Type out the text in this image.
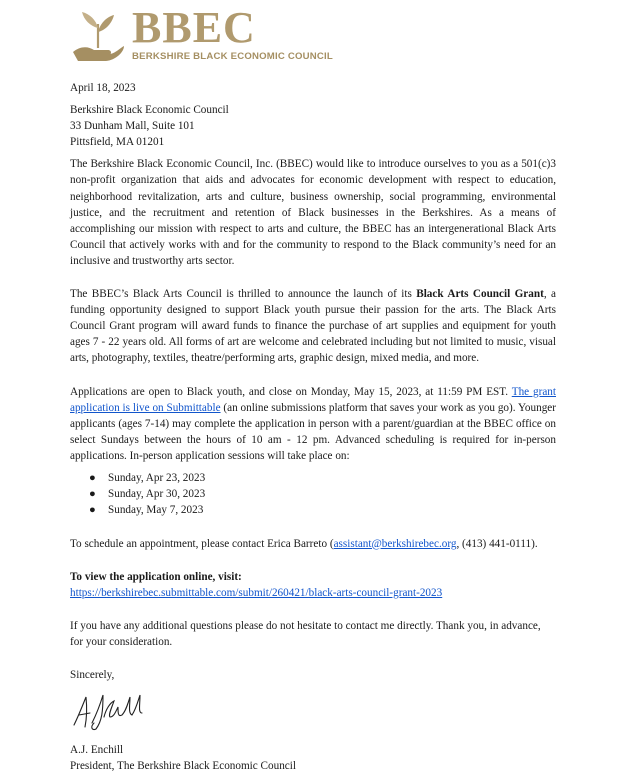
BBEC
BERKSHIRE BLACK ECONOMIC COUNCIL

April 18, 2023

Berkshire Black Economic Council

33 Dunham Mall, Suite 101

Pittsfield, MA 01201

The Berkshire Black Economic Council, Inc. (BBEC) would like to introduce ourselves to you as a 501(c)3 non-profit organization that aids and advocates for economic development with respect to education, neighborhood revitalization, arts and culture, business ownership, social programming, environmental justice, and the recruitment and retention of Black businesses in the Berkshires. As a means of accomplishing our mission with respect to arts and culture, the BBEC has an intergenerational Black Arts Council that actively works with and for the community to respond to the Black community’s need for an inclusive and trustworthy arts sector.

The BBEC’s Black Arts Council is thrilled to announce the launch of its Black Arts Council Grant, a funding opportunity designed to support Black youth pursue their passion for the arts. The Black Arts Council Grant program will award funds to finance the purchase of art supplies and equipment for youth ages 7 - 22 years old. All forms of art are welcome and celebrated including but not limited to music, visual arts, photography, textiles, theatre/performing arts, graphic design, mixed media, and more.

Applications are open to Black youth, and close on Monday, May 15, 2023, at 11:59 PM EST. The grant application is live on Submittable (an online submissions platform that saves your work as you go). Younger applicants (ages 7-14) may complete the application in person with a parent/guardian at the BBEC office on select Sundays between the hours of 10 am - 12 pm. Advanced scheduling is required for in-person applications. In-person application sessions will take place on:

● Sunday, Apr 23, 2023
● Sunday, Apr 30, 2023
● Sunday, May 7, 2023

To schedule an appointment, please contact Erica Barreto (assistant@berkshirebec.org, (413) 441-0111).

To view the application online, visit:

https://berkshirebec.submittable.com/submit/260421/black-arts-council-grant-2023

If you have any additional questions please do not hesitate to contact me directly. Thank you, in advance, for your consideration.

Sincerely,

A.J. Enchill

President, The Berkshire Black Economic Council
